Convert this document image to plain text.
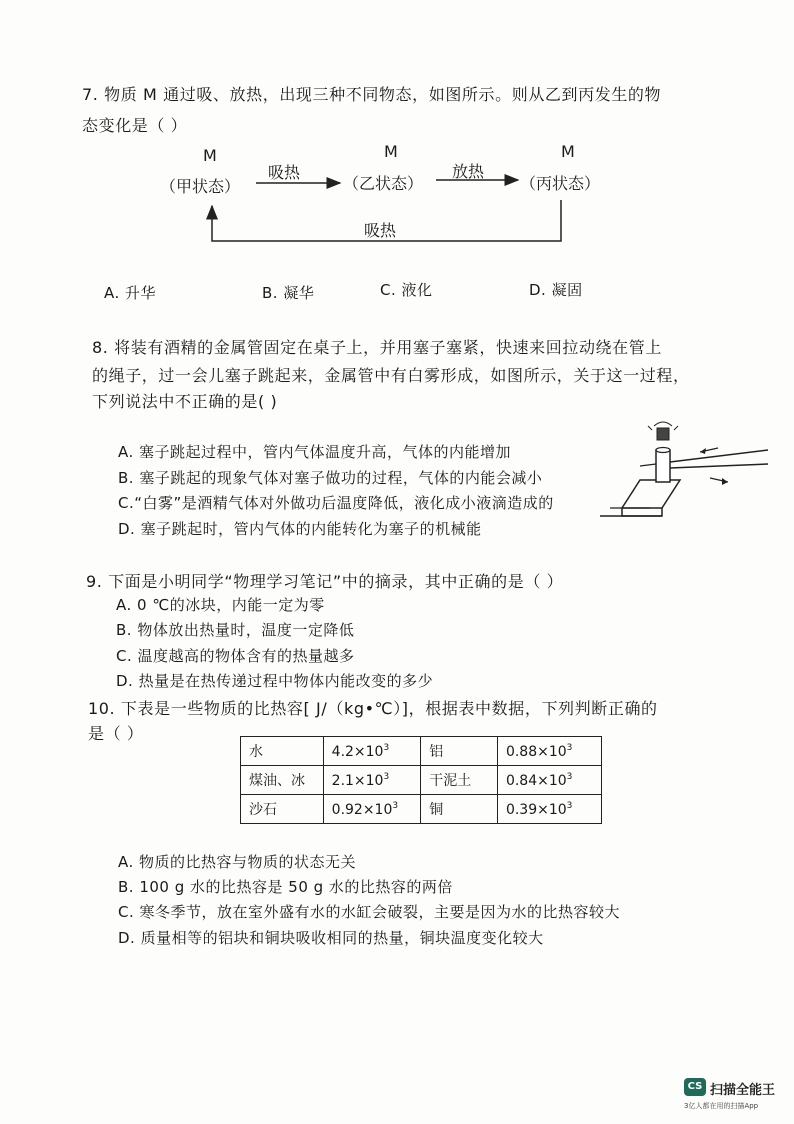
7. 物质 M 通过吸、放热，出现三种不同物态，如图所示。则从乙到丙发生的物
态变化是（ ）
M	M	M
（甲状态）	（乙状态）	（丙状态）
吸热	放热
吸热
A. 升华	B. 凝华	C. 液化	D. 凝固
8. 将装有酒精的金属管固定在桌子上，并用塞子塞紧，快速来回拉动绕在管上
的绳子，过一会儿塞子跳起来，金属管中有白雾形成，如图所示，关于这一过程，
下列说法中不正确的是( )
A. 塞子跳起过程中，管内气体温度升高，气体的内能增加
B. 塞子跳起的现象气体对塞子做功的过程，气体的内能会减小
C.“白雾”是酒精气体对外做功后温度降低，液化成小液滴造成的
D. 塞子跳起时，管内气体的内能转化为塞子的机械能
9. 下面是小明同学“物理学习笔记”中的摘录，其中正确的是（ ）
A. 0 ℃的冰块，内能一定为零
B. 物体放出热量时，温度一定降低
C. 温度越高的物体含有的热量越多
D. 热量是在热传递过程中物体内能改变的多少
10. 下表是一些物质的比热容[ J/（kg•℃）]，根据表中数据，下列判断正确的
是（ ）
水	$4.2\times 10^3$	铝	$0.88\times 10^3$
煤油、冰	$2.1\times 10^3$	干泥土	$0.84\times 10^3$
沙石	$0.92\times 10^3$	铜	$0.39\times 10^3$
A. 物质的比热容与物质的状态无关
B. 100 g 水的比热容是 50 g 水的比热容的两倍
C. 寒冬季节，放在室外盛有水的水缸会破裂，主要是因为水的比热容较大
D. 质量相等的铝块和铜块吸收相同的热量，铜块温度变化较大
CS 扫描全能王
3亿人都在用的扫描App
